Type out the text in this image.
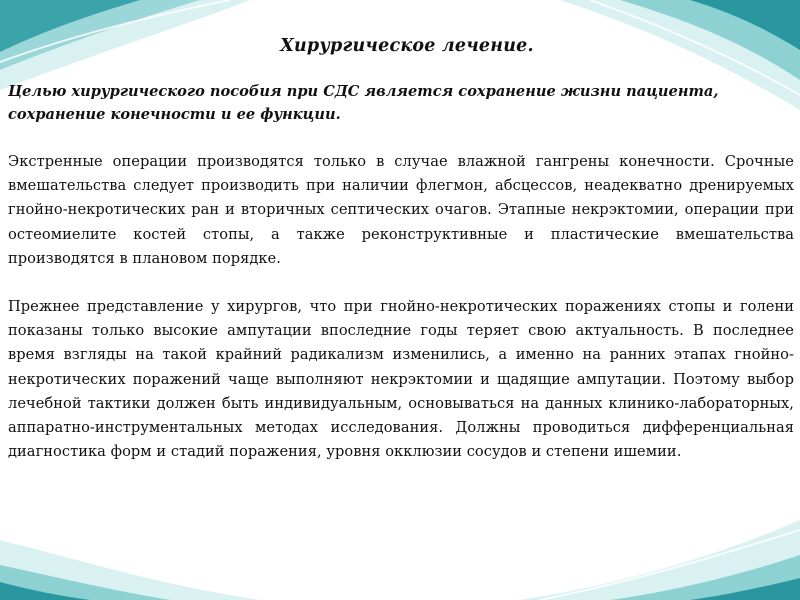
Хирургическое лечение.
Целью хирургического пособия при СДС является сохранение жизни пациента,
сохранение конечности и ее функции.

Экстренные операции производятся только в случае влажной гангрены конечности. Срочные вмешательства следует производить при наличии флегмон, абсцессов, неадекватно дренируемых гнойно-некротических ран и вторичных септических очагов. Этапные некрэктомии, операции при остеомиелите костей стопы, а также реконструктивные и пластические вмешательства производятся в плановом порядке.

Прежнее представление у хирургов, что при гнойно-некротических поражениях стопы и голени показаны только высокие ампутации впоследние годы теряет свою актуальность. В последнее время взгляды на такой крайний радикализм изменились, а именно на ранних этапах гнойно-некротических поражений чаще выполняют некрэктомии и щадящие ампутации. Поэтому выбор лечебной тактики должен быть индивидуальным, основываться на данных клинико-лабораторных, аппаратно-инструментальных методах исследования. Должны проводиться дифференциальная диагностика форм и стадий поражения, уровня окклюзии сосудов и степени ишемии.
